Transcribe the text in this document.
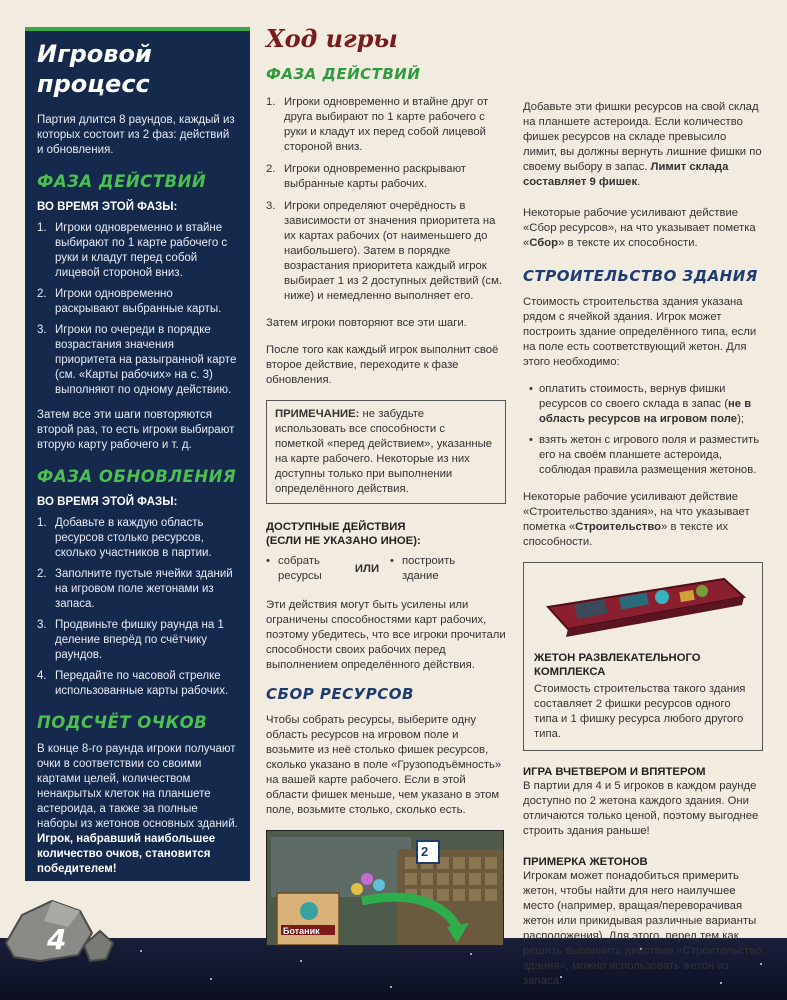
Игровой
процесс

Партия длится 8 раундов, каждый из которых состоит из 2 фаз: действий и обновления.

ФАЗА ДЕЙСТВИЙ
ВО ВРЕМЯ ЭТОЙ ФАЗЫ:
1. Игроки одновременно и втайне выбирают по 1 карте рабочего с руки и кладут перед собой лицевой стороной вниз.
2. Игроки одновременно раскрывают выбранные карты.
3. Игроки по очереди в порядке возрастания значения приоритета на разыгранной карте (см. «Карты рабочих» на с. 3) выполняют по одному действию.

Затем все эти шаги повторяются второй раз, то есть игроки выбирают вторую карту рабочего и т. д.

ФАЗА ОБНОВЛЕНИЯ
ВО ВРЕМЯ ЭТОЙ ФАЗЫ:
1. Добавьте в каждую область ресурсов столько ресурсов, сколько участников в партии.
2. Заполните пустые ячейки зданий на игровом поле жетонами из запаса.
3. Продвиньте фишку раунда на 1 деление вперёд по счётчику раундов.
4. Передайте по часовой стрелке использованные карты рабочих.
ПОДСЧЁТ ОЧКОВ

В конце 8-го раунда игроки получают очки в соответствии со своими картами целей, количеством ненакрытых клеток на планшете астероида, а также за полные наборы из жетонов основных зданий. Игрок, набравший наибольшее количество очков, становится победителем!

4
Ход игры
ФАЗА ДЕЙСТВИЙ
1. Игроки одновременно и втайне друг от друга выбирают по 1 карте рабочего с руки и кладут их перед собой лицевой стороной вниз.
2. Игроки одновременно раскрывают выбранные карты рабочих.
3. Игроки определяют очерёдность в зависимости от значения приоритета на их картах рабочих (от наименьшего до наибольшего). Затем в порядке возрастания приоритета каждый игрок выбирает 1 из 2 доступных действий (см. ниже) и немедленно выполняет его.

Затем игроки повторяют все эти шаги.

После того как каждый игрок выполнит своё второе действие, переходите к фазе обновления.

ПРИМЕЧАНИЕ: не забудьте использовать все способности с пометкой «перед действием», указанные на карте рабочего. Некоторые из них доступны только при выполнении определённого действия.
ДОСТУПНЫЕ ДЕЙСТВИЯ
(ЕСЛИ НЕ УКАЗАНО ИНОЕ):
• собрать ресурсы
ИЛИ
• построить здание

Эти действия могут быть усилены или ограничены способностями карт рабочих, поэтому убедитесь, что все игроки прочитали способности своих рабочих перед выполнением определённого действия.

СБОР РЕСУРСОВ

Чтобы собрать ресурсы, выберите одну область ресурсов на игровом поле и возьмите из неё столько фишек ресурсов, сколько указано в поле «Грузоподъёмность» на вашей карте рабочего. Если в этой области фишек меньше, чем указано в этом поле, возьмите столько, сколько есть.

2
Ботаник

Добавьте эти фишки ресурсов на свой склад на планшете астероида. Если количество фишек ресурсов на складе превысило лимит, вы должны вернуть лишние фишки по своему выбору в запас. Лимит склада составляет 9 фишек.

Некоторые рабочие усиливают действие «Сбор ресурсов», на что указывает пометка «Сбор» в тексте их способности.

СТРОИТЕЛЬСТВО ЗДАНИЯ

Стоимость строительства здания указана рядом с ячейкой здания. Игрок может построить здание определённого типа, если на поле есть соответствующий жетон. Для этого необходимо:

• оплатить стоимость, вернув фишки ресурсов со своего склада в запас (не в область ресурсов на игровом поле);
• взять жетон с игрового поля и разместить его на своём планшете астероида, соблюдая правила размещения жетонов.

Некоторые рабочие усиливают действие «Строительство здания», на что указывает пометка «Строительство» в тексте их способности.

ЖЕТОН РАЗВЛЕКАТЕЛЬНОГО
КОМПЛЕКСА

Стоимость строительства такого здания составляет 2 фишки ресурсов одного типа и 1 фишку ресурса любого другого типа.

ИГРА ВЧЕТВЕРОМ И ВПЯТЕРОМ

В партии для 4 и 5 игроков в каждом раунде доступно по 2 жетона каждого здания. Они отличаются только ценой, поэтому выгоднее строить здания раньше!

ПРИМЕРКА ЖЕТОНОВ

Игрокам может понадобиться примерить жетон, чтобы найти для него наилучшее место (например, вращая/переворачивая жетон или прикидывая различные варианты расположения). Для этого, перед тем как решить выполнить действие «Строительство здания», можно использовать жетон из запаса.
